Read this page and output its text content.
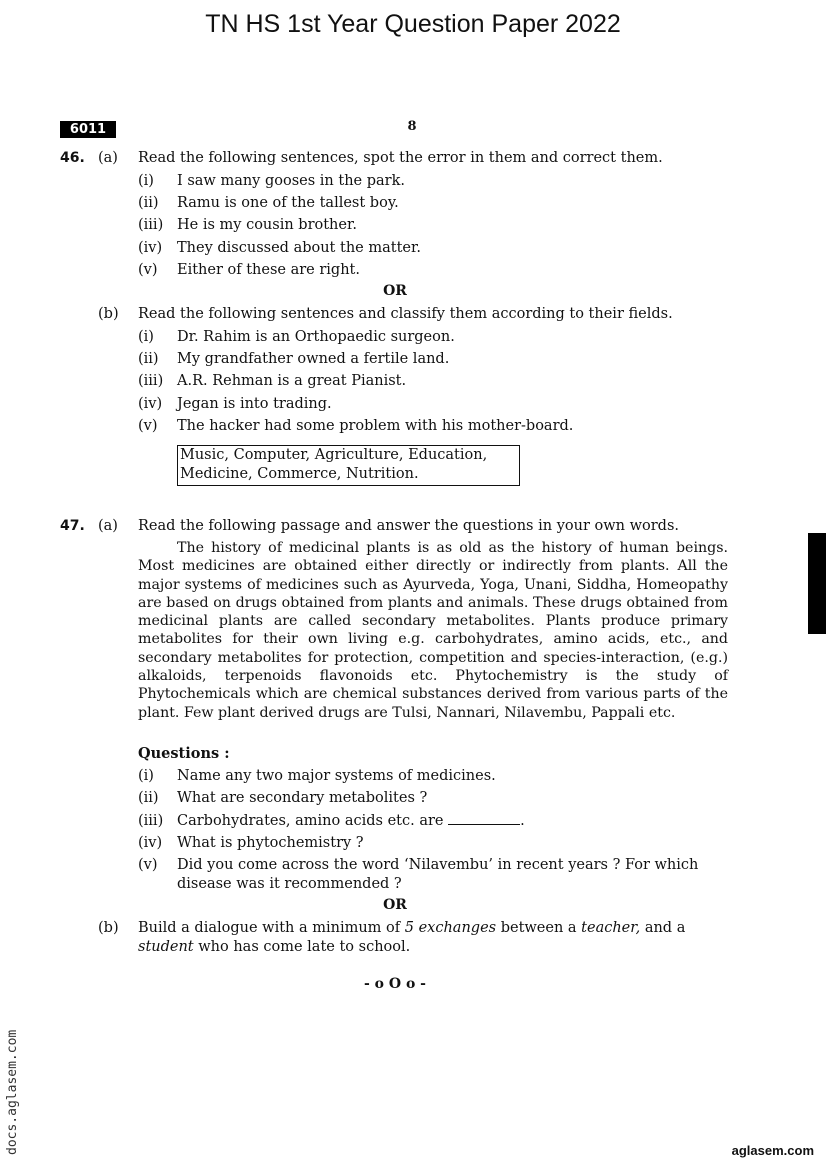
TN HS 1st Year Question Paper 2022
6011	8
46. (a) Read the following sentences, spot the error in them and correct them.
(i) I saw many gooses in the park.
(ii) Ramu is one of the tallest boy.
(iii) He is my cousin brother.
(iv) They discussed about the matter.
(v) Either of these are right.
OR
(b) Read the following sentences and classify them according to their fields.
(i) Dr. Rahim is an Orthopaedic surgeon.
(ii) My grandfather owned a fertile land.
(iii) A.R. Rehman is a great Pianist.
(iv) Jegan is into trading.
(v) The hacker had some problem with his mother-board.
Music, Computer, Agriculture, Education,
Medicine, Commerce, Nutrition.
47. (a) Read the following passage and answer the questions in your own words.
The history of medicinal plants is as old as the history of human beings. Most medicines are obtained either directly or indirectly from plants. All the major systems of medicines such as Ayurveda, Yoga, Unani, Siddha, Homeopathy are based on drugs obtained from plants and animals. These drugs obtained from medicinal plants are called secondary metabolites. Plants produce primary metabolites for their own living e.g. carbohydrates, amino acids, etc., and secondary metabolites for protection, competition and species-interaction, (e.g.) alkaloids, terpenoids flavonoids etc. Phytochemistry is the study of Phytochemicals which are chemical substances derived from various parts of the plant. Few plant derived drugs are Tulsi, Nannari, Nilavembu, Pappali etc.
Questions :
(i) Name any two major systems of medicines.
(ii) What are secondary metabolites ?
(iii) Carbohydrates, amino acids etc. are	.
(iv) What is phytochemistry ?
(v) Did you come across the word ‘Nilavembu’ in recent years ? For which
disease was it recommended ?
OR
(b) Build a dialogue with a minimum of 5 exchanges between a teacher, and a
student who has come late to school.
- o O o -
docs.aglasem.com	aglasem.com
